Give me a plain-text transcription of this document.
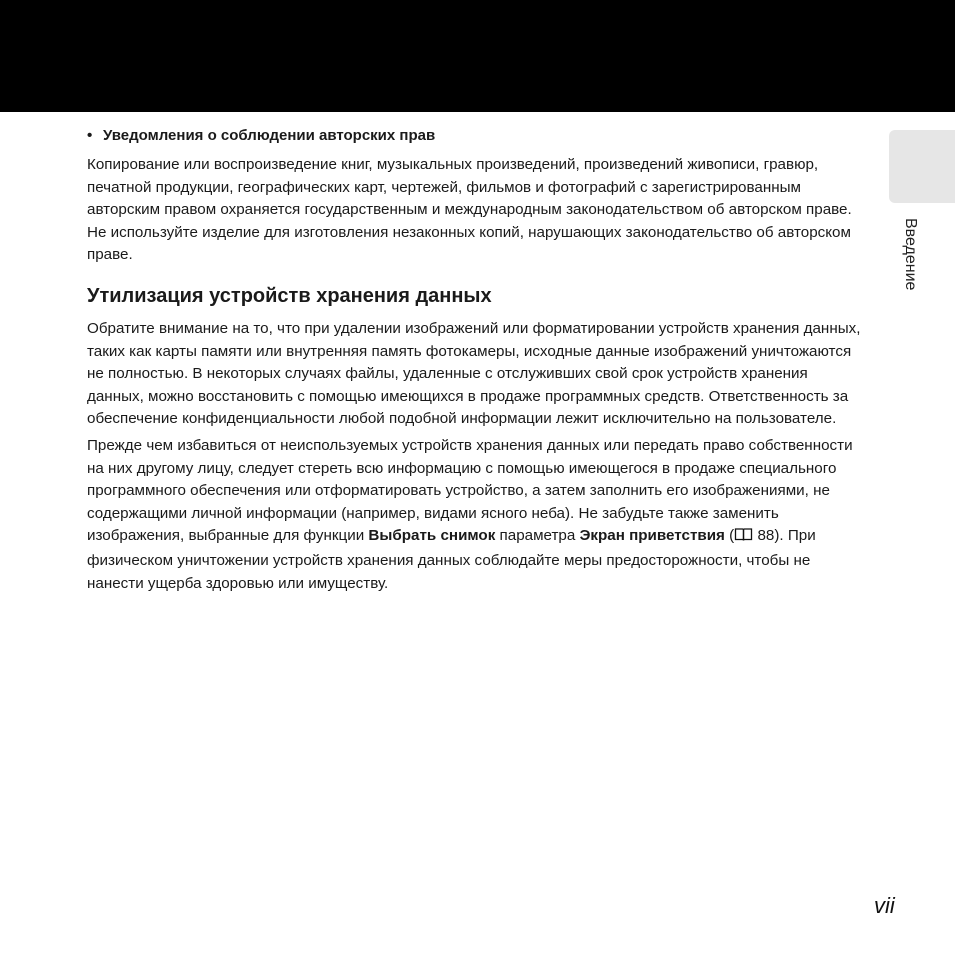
Введение
• Уведомления о соблюдении авторских прав

Копирование или воспроизведение книг, музыкальных произведений, произведений живописи, гравюр, печатной продукции, географических карт, чертежей, фильмов и фотографий с зарегистрированным авторским правом охраняется государственным и международным законодательством об авторском праве. Не используйте изделие для изготовления незаконных копий, нарушающих законодательство об авторском праве.

Утилизация устройств хранения данных

Обратите внимание на то, что при удалении изображений или форматировании устройств хранения данных, таких как карты памяти или внутренняя память фотокамеры, исходные данные изображений уничтожаются не полностью. В некоторых случаях файлы, удаленные с отслуживших свой срок устройств хранения данных, можно восстановить с помощью имеющихся в продаже программных средств. Ответственность за обеспечение конфиденциальности любой подобной информации лежит исключительно на пользователе.

Прежде чем избавиться от неиспользуемых устройств хранения данных или передать право собственности на них другому лицу, следует стереть всю информацию с помощью имеющегося в продаже специального программного обеспечения или отформатировать устройство, а затем заполнить его изображениями, не содержащими личной информации (например, видами ясного неба). Не забудьте также заменить изображения, выбранные для функции Выбрать снимок параметра Экран приветствия ( 88). При физическом уничтожении устройств хранения данных соблюдайте меры предосторожности, чтобы не нанести ущерба здоровью или имуществу.

vii
